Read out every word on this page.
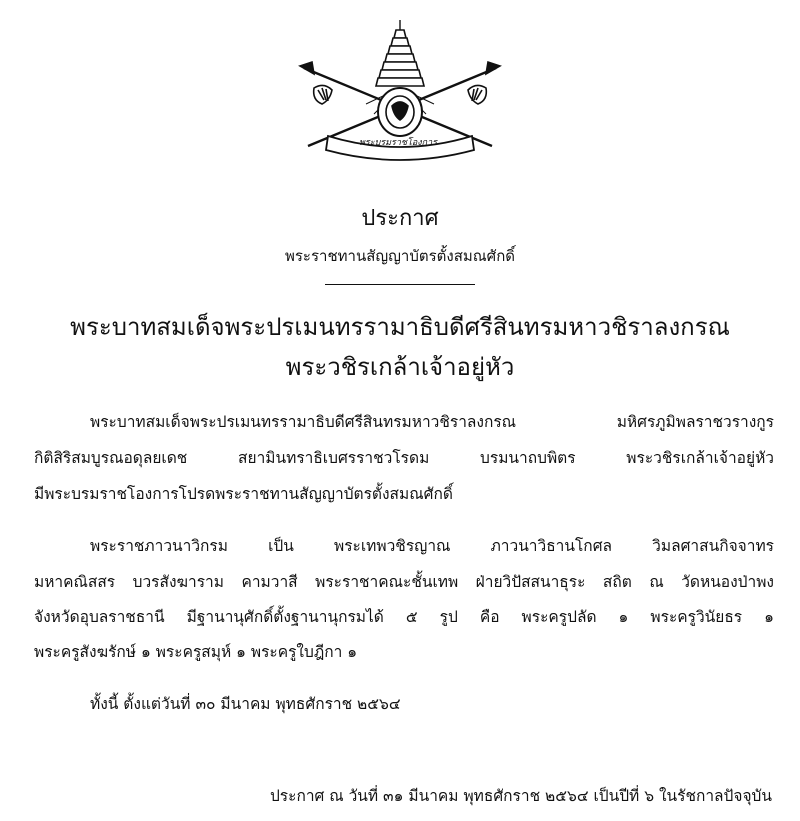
พระบรมราชโองการ
ประกาศ
พระราชทานสัญญาบัตรตั้งสมณศักดิ์
พระบาทสมเด็จพระปรเมนทรรามาธิบดีศรีสินทรมหาวชิราลงกรณ
พระวชิรเกล้าเจ้าอยู่หัว
พระบาทสมเด็จพระปรเมนทรรามาธิบดีศรีสินทรมหาวชิราลงกรณ มหิศรภูมิพลราชวรางกูร
กิติสิริสมบูรณอดุลยเดช สยามินทราธิเบศรราชวโรดม บรมนาถบพิตร พระวชิรเกล้าเจ้าอยู่หัว
มีพระบรมราชโองการโปรดพระราชทานสัญญาบัตรตั้งสมณศักดิ์
พระราชภาวนาวิกรม เป็น พระเทพวชิรญาณ ภาวนาวิธานโกศล วิมลศาสนกิจจาทร
มหาคณิสสร บวรสังฆาราม คามวาสี พระราชาคณะชั้นเทพ ฝ่ายวิปัสสนาธุระ สถิต ณ วัดหนองป่าพง
จังหวัดอุบลราชธานี มีฐานานุศักดิ์ตั้งฐานานุกรมได้ ๕ รูป คือ พระครูปลัด ๑ พระครูวินัยธร ๑
พระครูสังฆรักษ์ ๑ พระครูสมุห์ ๑ พระครูใบฎีกา ๑
ทั้งนี้ ตั้งแต่วันที่ ๓๐ มีนาคม พุทธศักราช ๒๕๖๔
ประกาศ ณ วันที่ ๓๑ มีนาคม พุทธศักราช ๒๕๖๔ เป็นปีที่ ๖ ในรัชกาลปัจจุบัน
